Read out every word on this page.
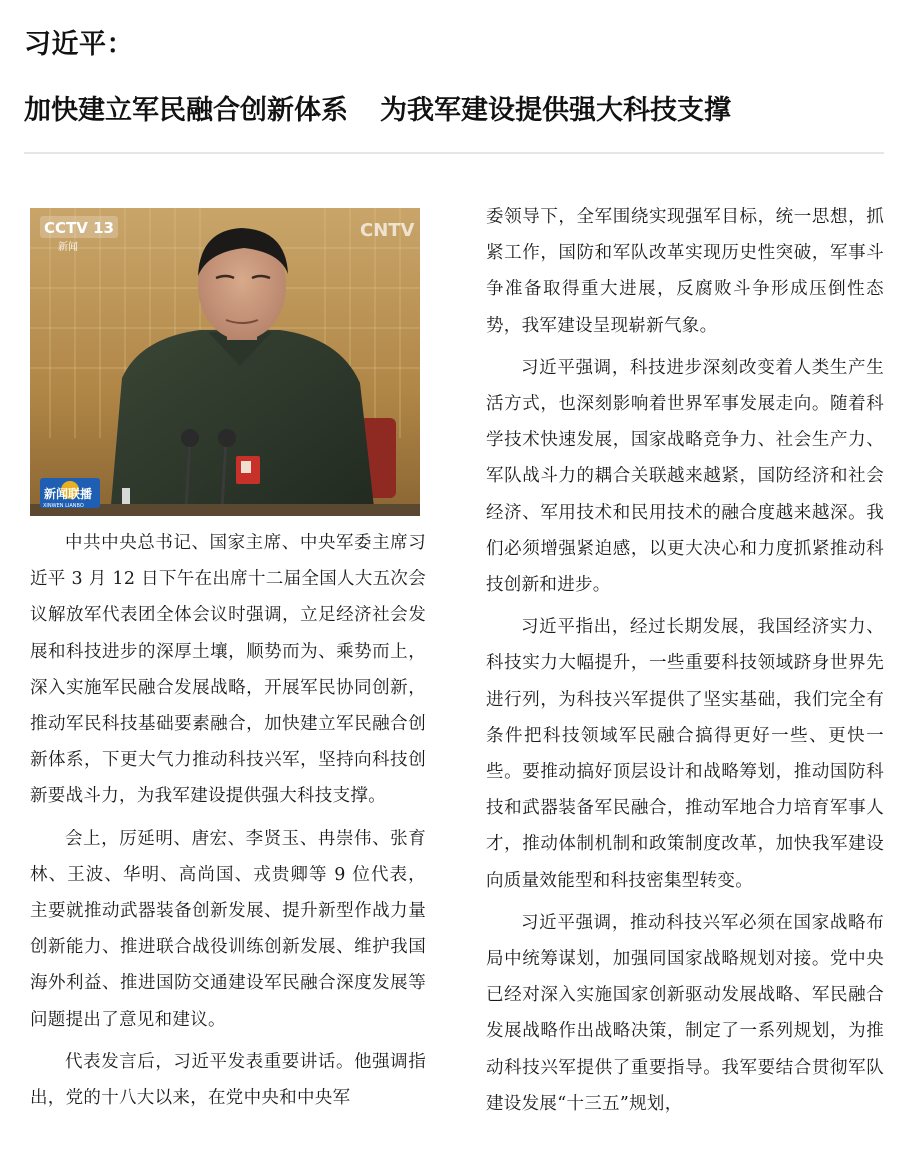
习近平：
加快建立军民融合创新体系 为我军建设提供强大科技支撑
CCTV 13
新闻
CNTV
新闻联播
XINWEN LIANBO

中共中央总书记、国家主席、中央军委主席习近平 3 月 12 日下午在出席十二届全国人大五次会议解放军代表团全体会议时强调，立足经济社会发展和科技进步的深厚土壤，顺势而为、乘势而上，深入实施军民融合发展战略，开展军民协同创新，推动军民科技基础要素融合，加快建立军民融合创新体系，下更大气力推动科技兴军，坚持向科技创新要战斗力，为我军建设提供强大科技支撑。

会上，厉延明、唐宏、李贤玉、冉崇伟、张育林、王波、华明、高尚国、戎贵卿等 9 位代表，主要就推动武器装备创新发展、提升新型作战力量创新能力、推进联合战役训练创新发展、维护我国海外利益、推进国防交通建设军民融合深度发展等问题提出了意见和建议。

代表发言后，习近平发表重要讲话。他强调指出，党的十八大以来，在党中央和中央军

委领导下，全军围绕实现强军目标，统一思想，抓紧工作，国防和军队改革实现历史性突破，军事斗争准备取得重大进展，反腐败斗争形成压倒性态势，我军建设呈现崭新气象。

习近平强调，科技进步深刻改变着人类生产生活方式，也深刻影响着世界军事发展走向。随着科学技术快速发展，国家战略竞争力、社会生产力、军队战斗力的耦合关联越来越紧，国防经济和社会经济、军用技术和民用技术的融合度越来越深。我们必须增强紧迫感，以更大决心和力度抓紧推动科技创新和进步。

习近平指出，经过长期发展，我国经济实力、科技实力大幅提升，一些重要科技领域跻身世界先进行列，为科技兴军提供了坚实基础，我们完全有条件把科技领域军民融合搞得更好一些、更快一些。要推动搞好顶层设计和战略筹划，推动国防科技和武器装备军民融合，推动军地合力培育军事人才，推动体制机制和政策制度改革，加快我军建设向质量效能型和科技密集型转变。

习近平强调，推动科技兴军必须在国家战略布局中统筹谋划，加强同国家战略规划对接。党中央已经对深入实施国家创新驱动发展战略、军民融合发展战略作出战略决策，制定了一系列规划，为推动科技兴军提供了重要指导。我军要结合贯彻军队建设发展“十三五”规划，
